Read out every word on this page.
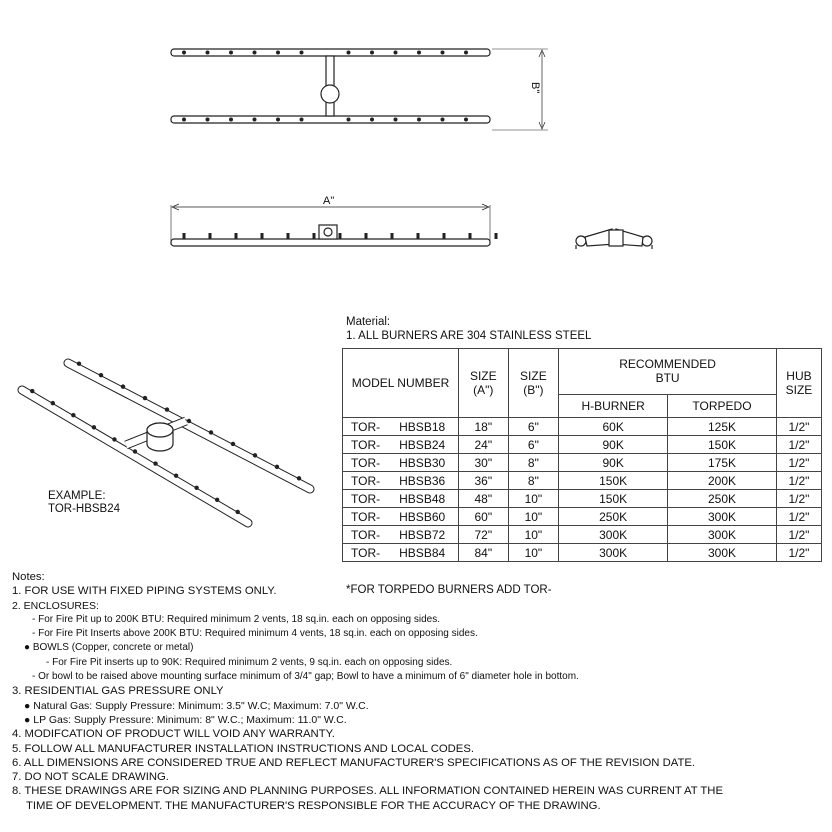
B"
A"
EXAMPLE:
TOR-HBSB24
Material:
1. ALL BURNERS ARE 304 STAINLESS STEEL
MODEL NUMBER		SIZE (A")	SIZE (B")	RECOMMENDED BTU		HUB SIZE
				H-BURNER	TORPEDO	
TOR-	HBSB18	18"	6"	60K	125K	1/2"
TOR-	HBSB24	24"	6"	90K	150K	1/2"
TOR-	HBSB30	30"	8"	90K	175K	1/2"
TOR-	HBSB36	36"	8"	150K	200K	1/2"
TOR-	HBSB48	48"	10"	150K	250K	1/2"
TOR-	HBSB60	60"	10"	250K	300K	1/2"
TOR-	HBSB72	72"	10"	300K	300K	1/2"
TOR-	HBSB84	84"	10"	300K	300K	1/2"
*FOR TORPEDO BURNERS ADD TOR-
Notes:
1. FOR USE WITH FIXED PIPING SYSTEMS ONLY.
2. ENCLOSURES:
- For Fire Pit up to 200K BTU: Required minimum 2 vents, 18 sq.in. each on opposing sides.
- For Fire Pit Inserts above 200K BTU: Required minimum 4 vents, 18 sq.in. each on opposing sides.
● BOWLS (Copper, concrete or metal)
- For Fire Pit inserts up to 90K: Required minimum 2 vents, 9 sq.in. each on opposing sides.
- Or bowl to be raised above mounting surface minimum of 3/4" gap; Bowl to have a minimum of 6" diameter hole in bottom.
3. RESIDENTIAL GAS PRESSURE ONLY
● Natural Gas: Supply Pressure: Minimum: 3.5" W.C; Maximum: 7.0" W.C.
● LP Gas: Supply Pressure: Minimum: 8" W.C.; Maximum: 11.0" W.C.
4. MODIFCATION OF PRODUCT WILL VOID ANY WARRANTY.
5. FOLLOW ALL MANUFACTURER INSTALLATION INSTRUCTIONS AND LOCAL CODES.
6. ALL DIMENSIONS ARE CONSIDERED TRUE AND REFLECT MANUFACTURER'S SPECIFICATIONS AS OF THE REVISION DATE.
7. DO NOT SCALE DRAWING.
8. THESE DRAWINGS ARE FOR SIZING AND PLANNING PURPOSES. ALL INFORMATION CONTAINED HEREIN WAS CURRENT AT THE
TIME OF DEVELOPMENT. THE MANUFACTURER'S RESPONSIBLE FOR THE ACCURACY OF THE DRAWING.
